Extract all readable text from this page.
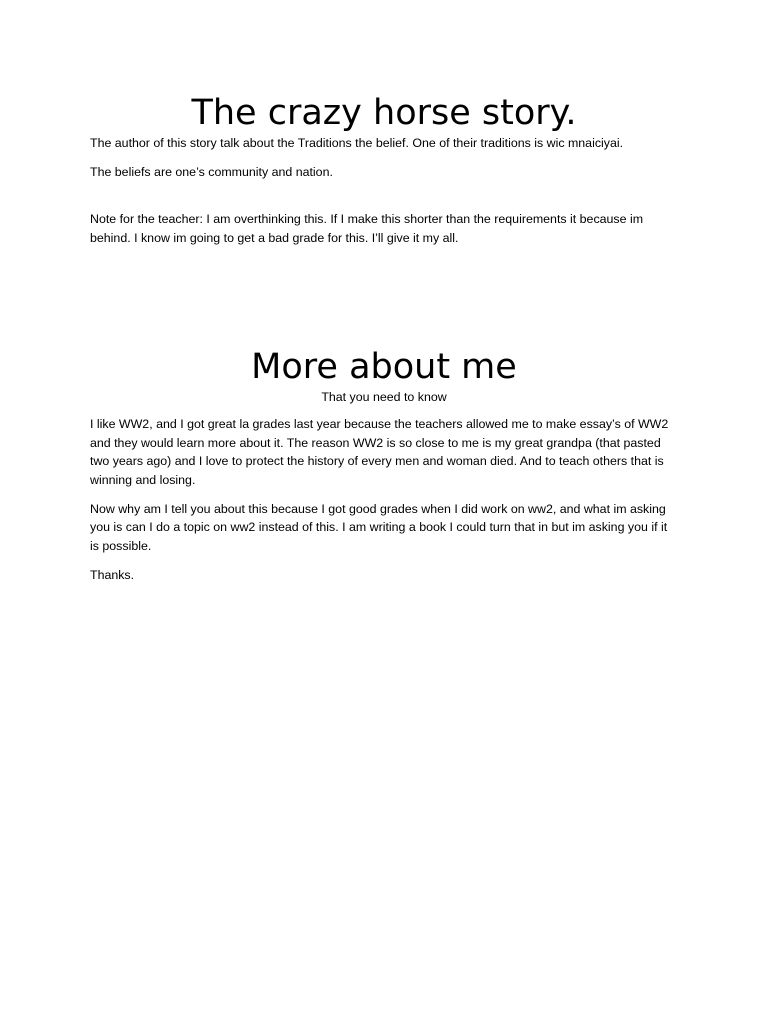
The crazy horse story.

The author of this story talk about the Traditions the belief. One of their traditions is wic mnaiciyai.

The beliefs are one’s community and nation.

Note for the teacher: I am overthinking this. If I make this shorter than the requirements it because im behind. I know im going to get a bad grade for this. I’ll give it my all.

More about me

That you need to know

I like WW2, and I got great la grades last year because the teachers allowed me to make essay’s of WW2 and they would learn more about it. The reason WW2 is so close to me is my great grandpa (that pasted two years ago) and I love to protect the history of every men and woman died. And to teach others that is winning and losing.

Now why am I tell you about this because I got good grades when I did work on ww2, and what im asking you is can I do a topic on ww2 instead of this. I am writing a book I could turn that in but im asking you if it is possible.

Thanks.
